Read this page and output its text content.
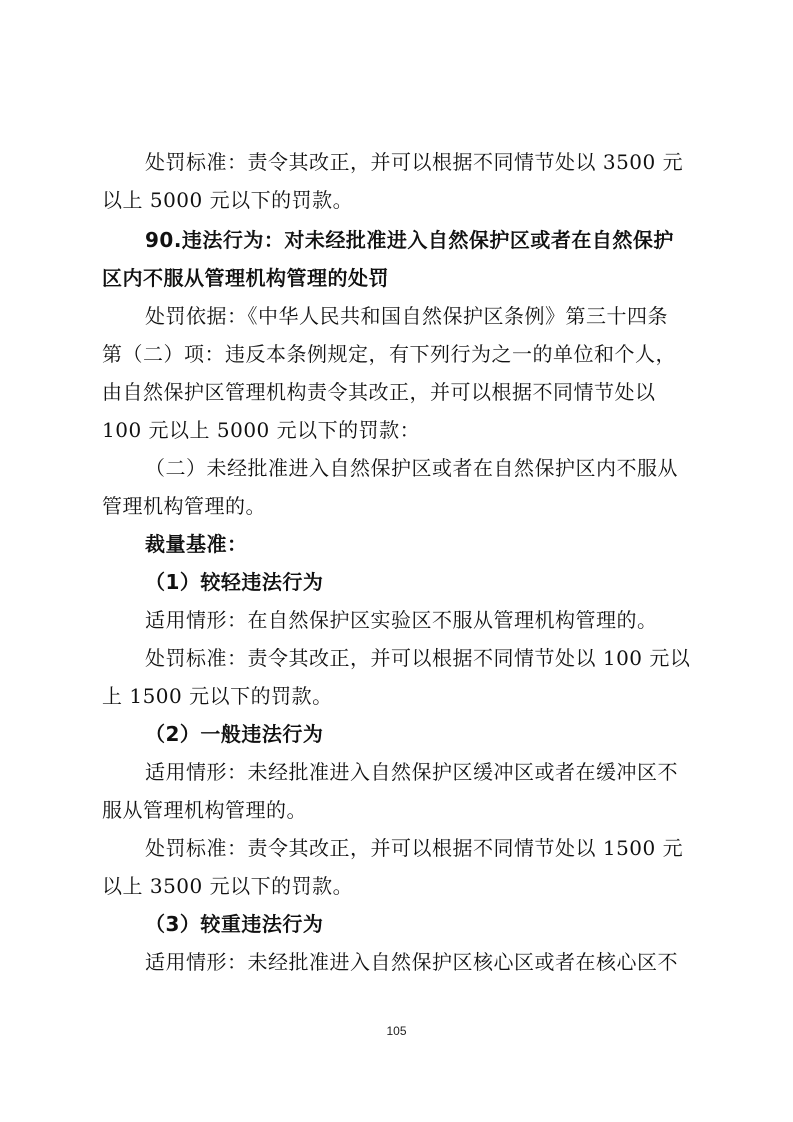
处罚标准：责令其改正，并可以根据不同情节处以 3500 元
以上 5000 元以下的罚款。
90.违法行为：对未经批准进入自然保护区或者在自然保护
区内不服从管理机构管理的处罚
处罚依据：《中华人民共和国自然保护区条例》第三十四条
第（二）项：违反本条例规定，有下列行为之一的单位和个人，
由自然保护区管理机构责令其改正，并可以根据不同情节处以
100 元以上 5000 元以下的罚款：
（二）未经批准进入自然保护区或者在自然保护区内不服从
管理机构管理的。
裁量基准：
（1）较轻违法行为
适用情形：在自然保护区实验区不服从管理机构管理的。
处罚标准：责令其改正，并可以根据不同情节处以 100 元以
上 1500 元以下的罚款。
（2）一般违法行为
适用情形：未经批准进入自然保护区缓冲区或者在缓冲区不
服从管理机构管理的。
处罚标准：责令其改正，并可以根据不同情节处以 1500 元
以上 3500 元以下的罚款。
（3）较重违法行为
适用情形：未经批准进入自然保护区核心区或者在核心区不
105
